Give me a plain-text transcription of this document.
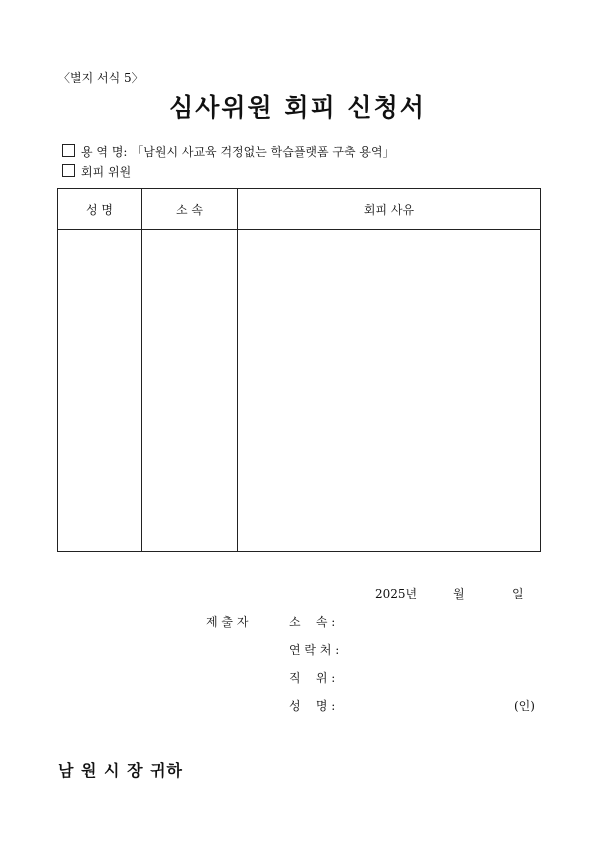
〈별지 서식 5〉
심사위원 회피 신청서
용 역 명: 「남원시 사교육 걱정없는 학습플랫폼 구축 용역」
회피 위원
성 명	소 속	회피 사유

2025년	월	일
제 출 자	소    속 :
연 락 처 :
직    위 :
성    명 :	(인)
남 원 시 장 귀하
